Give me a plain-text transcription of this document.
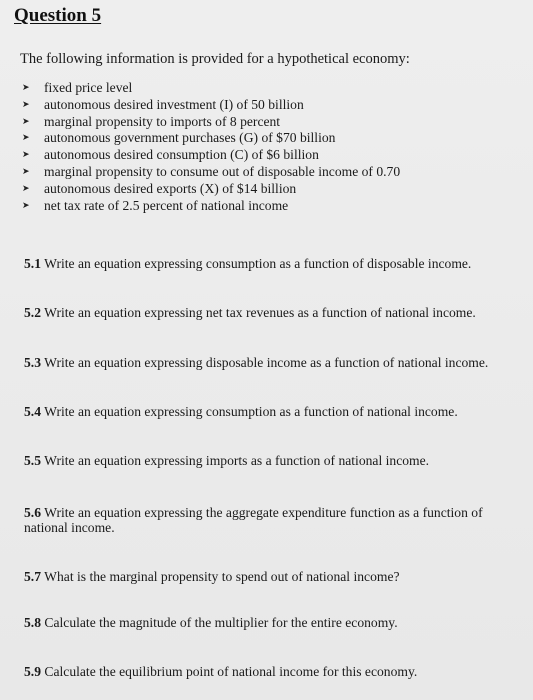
Question 5
The following information is provided for a hypothetical economy:
➤	fixed price level
➤	autonomous desired investment (I) of 50 billion
➤	marginal propensity to imports of 8 percent
➤	autonomous government purchases (G) of $70 billion
➤	autonomous desired consumption (C) of $6 billion
➤	marginal propensity to consume out of disposable income of 0.70
➤	autonomous desired exports (X) of $14 billion
➤	net tax rate of 2.5 percent of national income
5.1 Write an equation expressing consumption as a function of disposable income.
5.2 Write an equation expressing net tax revenues as a function of national income.
5.3 Write an equation expressing disposable income as a function of national income.
5.4 Write an equation expressing consumption as a function of national income.
5.5 Write an equation expressing imports as a function of national income.
5.6 Write an equation expressing the aggregate expenditure function as a function of national income.
5.7 What is the marginal propensity to spend out of national income?
5.8 Calculate the magnitude of the multiplier for the entire economy.
5.9 Calculate the equilibrium point of national income for this economy.
